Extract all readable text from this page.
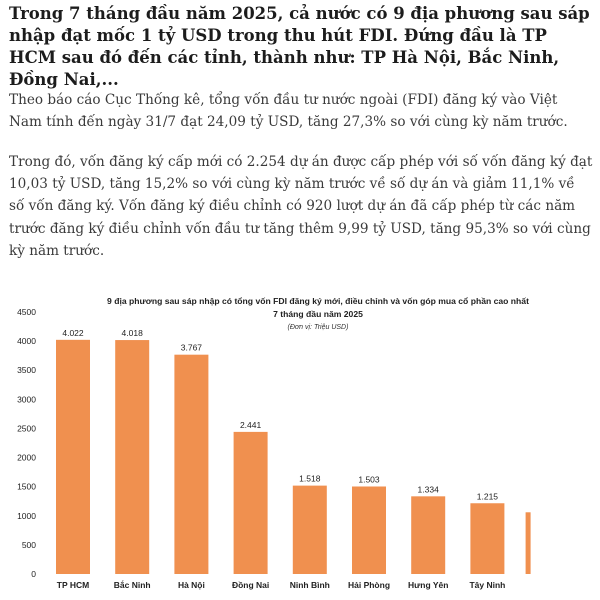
Trong 7 tháng đầu năm 2025, cả nước có 9 địa phương sau sáp nhập đạt mốc 1 tỷ USD trong thu hút FDI. Đứng đầu là TP HCM sau đó đến các tỉnh, thành như: TP Hà Nội, Bắc Ninh, Đồng Nai,...

Theo báo cáo Cục Thống kê, tổng vốn đầu tư nước ngoài (FDI) đăng ký vào Việt Nam tính đến ngày 31/7 đạt 24,09 tỷ USD, tăng 27,3% so với cùng kỳ năm trước.

Trong đó, vốn đăng ký cấp mới có 2.254 dự án được cấp phép với số vốn đăng ký đạt 10,03 tỷ USD, tăng 15,2% so với cùng kỳ năm trước về số dự án và giảm 11,1% về số vốn đăng ký. Vốn đăng ký điều chỉnh có 920 lượt dự án đã cấp phép từ các năm trước đăng ký điều chỉnh vốn đầu tư tăng thêm 9,99 tỷ USD, tăng 95,3% so với cùng kỳ năm trước.

9 địa phương sau sáp nhập có tổng vốn FDI đăng ký mới, điều chỉnh và vốn góp mua cổ phần cao nhất
7 tháng đầu năm 2025
(Đơn vị: Triệu USD)
0
500
1000
1500
2000
2500
3000
3500
4000
4500
4.022
TP HCM
4.018
Bắc Ninh
3.767
Hà Nội
2.441
Đồng Nai
1.518
Ninh Bình
1.503
Hải Phòng
1.334
Hưng Yên
1.215
Tây Ninh
